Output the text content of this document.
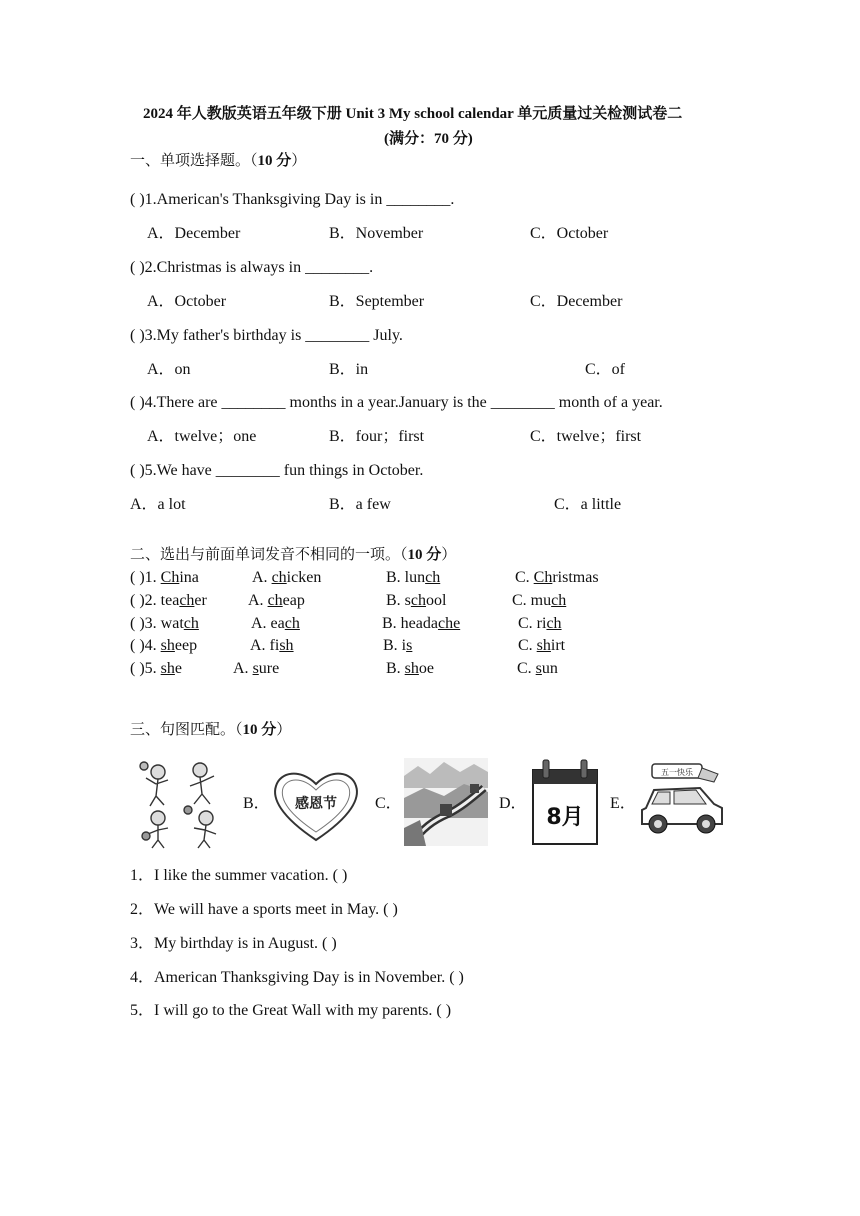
2024 年人教版英语五年级下册 Unit 3 My school calendar 单元质量过关检测试卷二
(满分：70 分)
一、单项选择题。（10 分）
( )1.American's Thanksgiving Day is in ________.
A．December	B．November	C．October
( )2.Christmas is always in ________.
A．October	B．September	C．December
( )3.My father's birthday is ________ July.
A．on	B．in	C．of
( )4.There are ________ months in a year.January is the ________ month of a year.
A．twelve；one	B．four；first	C．twelve；first
( )5.We have ________ fun things in October.
A．a lot	B．a few	C．a little
二、选出与前面单词发音不相同的一项。（10 分）
( )1. China	A. chicken	B. lunch	C. Christmas
( )2. teacher	A. cheap	B. school	C. much
( )3. watch	A. each	B. headache	C. rich
( )4. sheep	A. fish	B. is	C. shirt
( )5. she	A. sure	B. shoe	C. sun
三、句图匹配。（10 分）
B． 感恩节 C．	D．
8月
E．
五一快乐
1．I like the summer vacation. ( )
2．We will have a sports meet in May. ( )
3．My birthday is in August. ( )
4．American Thanksgiving Day is in November. ( )
5．I will go to the Great Wall with my parents. ( )
